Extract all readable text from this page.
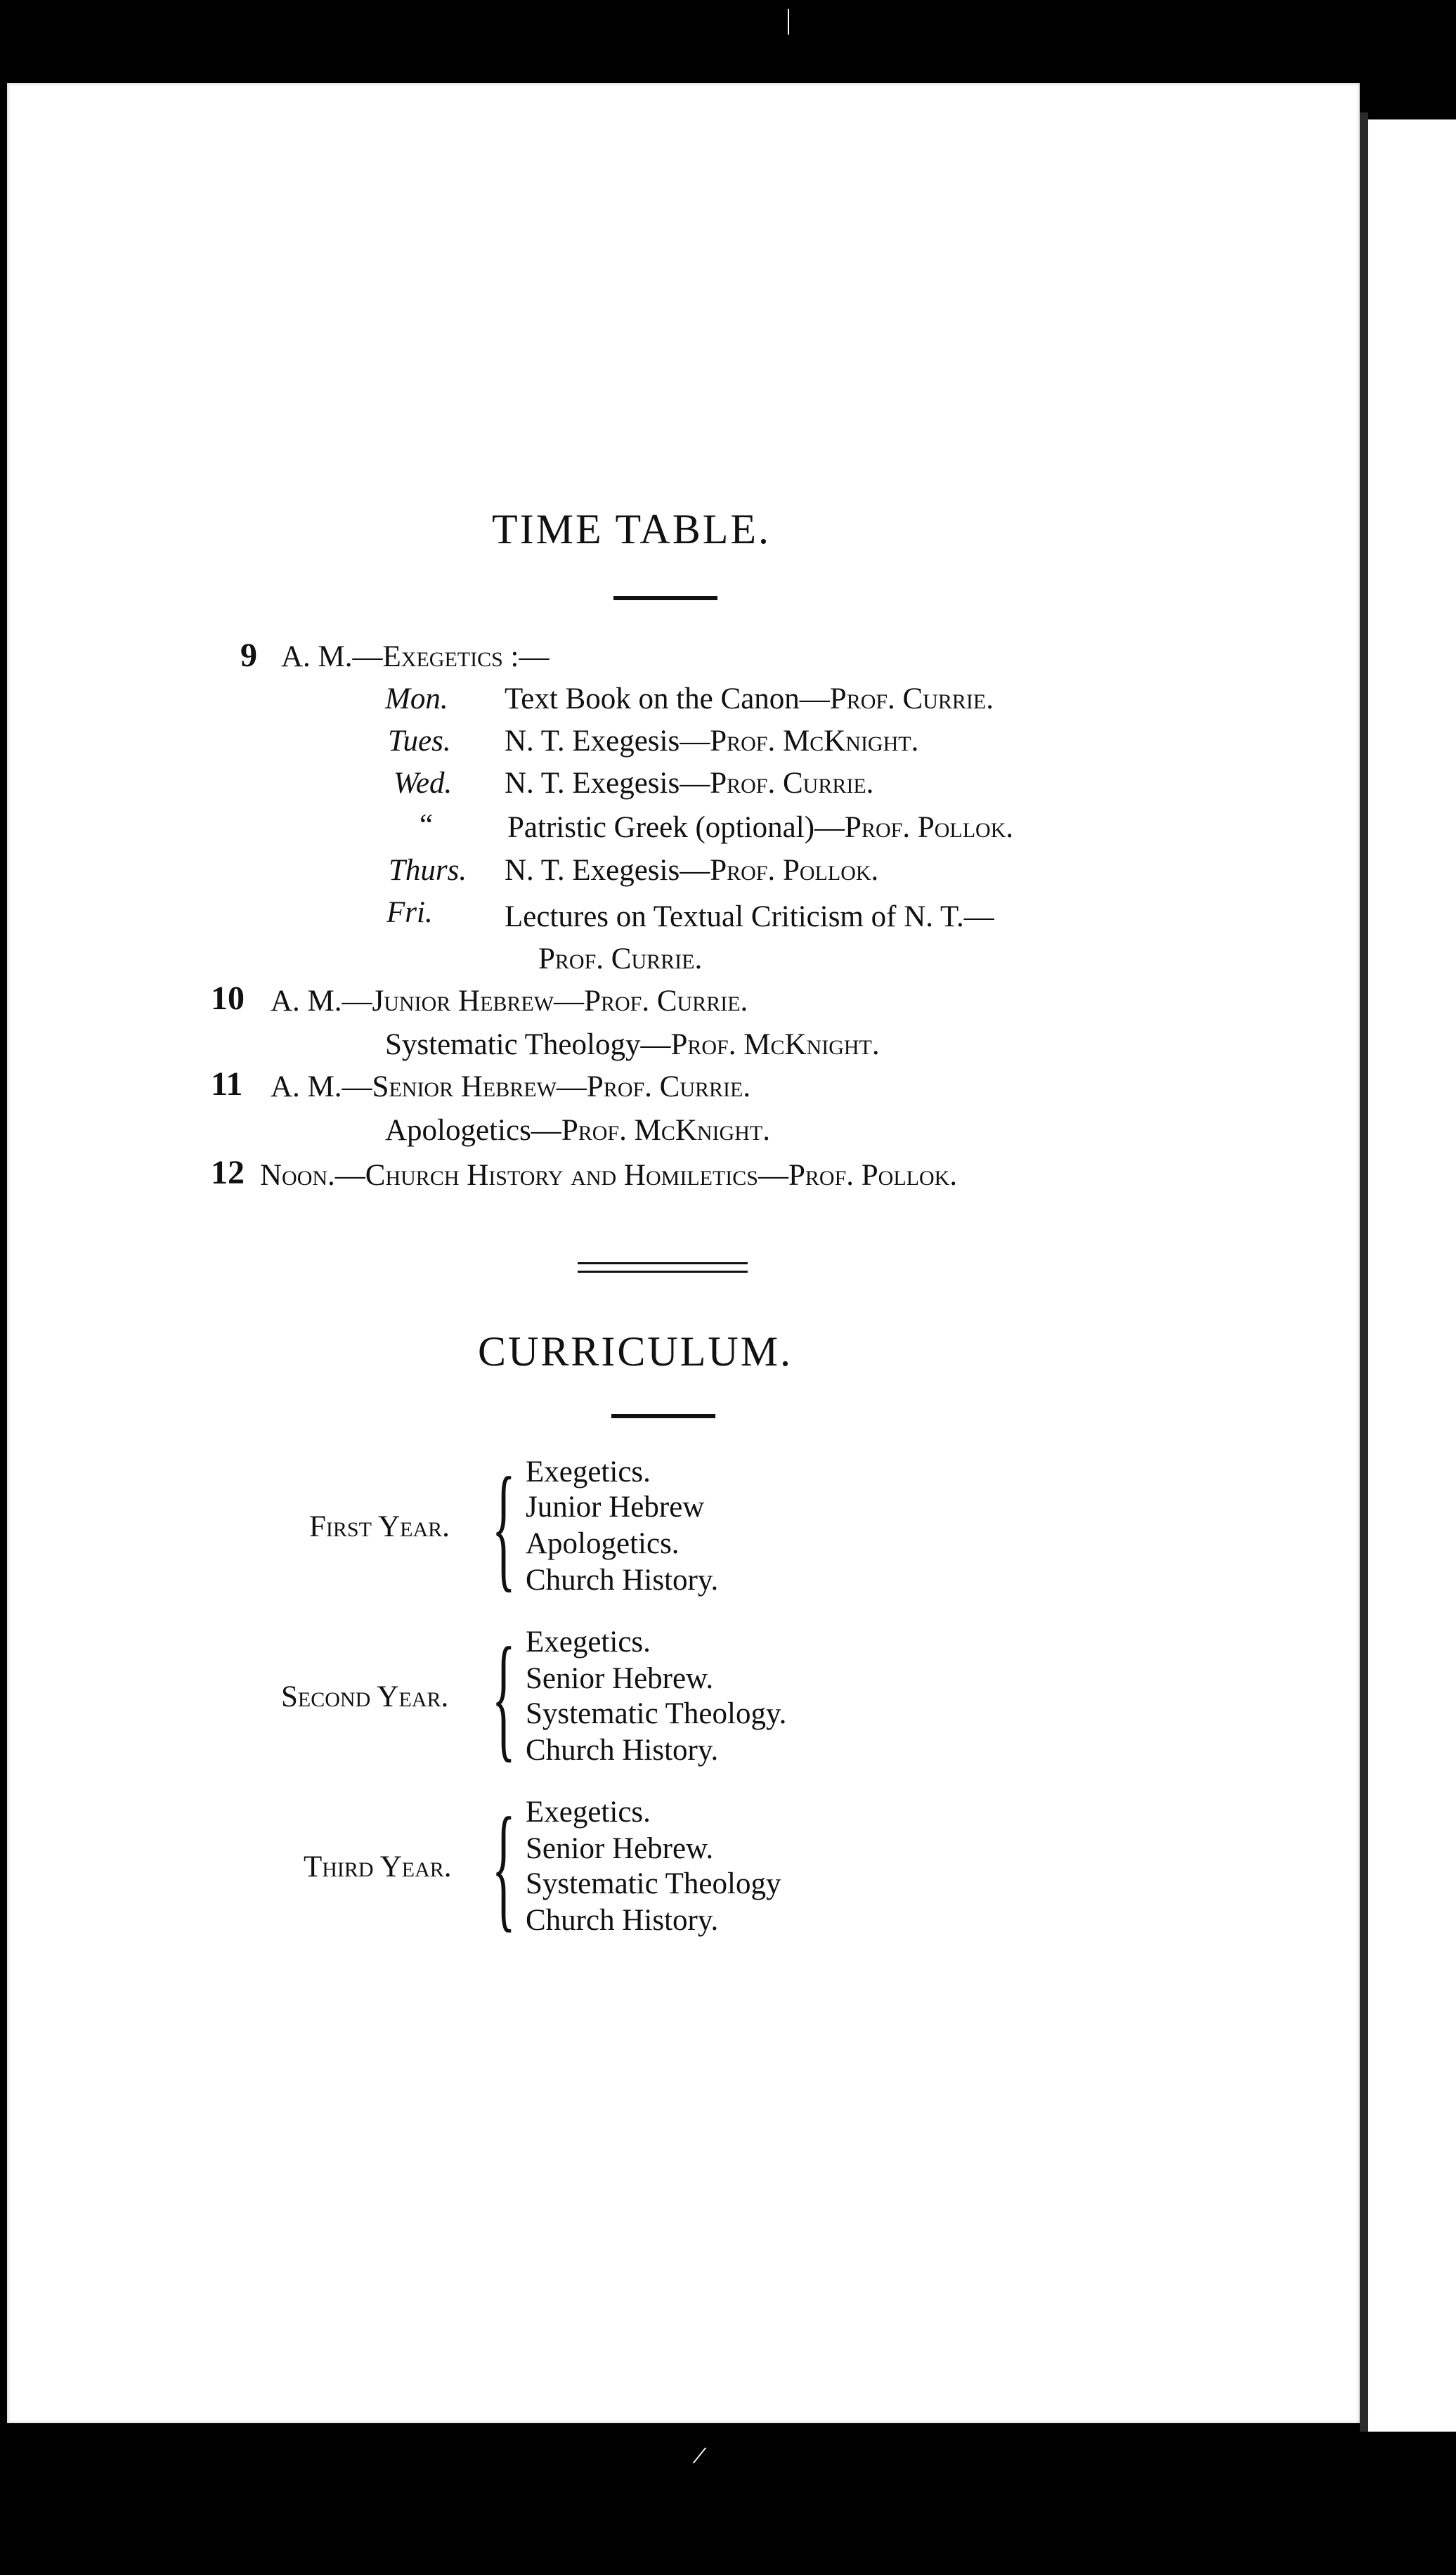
TIME TABLE.
9 A. M.—Exegetics :—
Mon. Text Book on the Canon—Prof. Currie.
Tues. N. T. Exegesis—Prof. McKnight.
Wed. N. T. Exegesis—Prof. Currie.
“ Patristic Greek (optional)—Prof. Pollok.
Thurs. N. T. Exegesis—Prof. Pollok.
Fri. Lectures on Textual Criticism of N. T.—
Prof. Currie.
10 A. M.—Junior Hebrew—Prof. Currie.
Systematic Theology—Prof. McKnight.
11 A. M.—Senior Hebrew—Prof. Currie.
Apologetics—Prof. McKnight.
12 Noon.—Church History and Homiletics—Prof. Pollok.
CURRICULUM.
First Year. { Exegetics.
Junior Hebrew
Apologetics.
Church History.
Second Year. { Exegetics.
Senior Hebrew.
Systematic Theology.
Church History.
Third Year. { Exegetics.
Senior Hebrew.
Systematic Theology
Church History.
|
/
